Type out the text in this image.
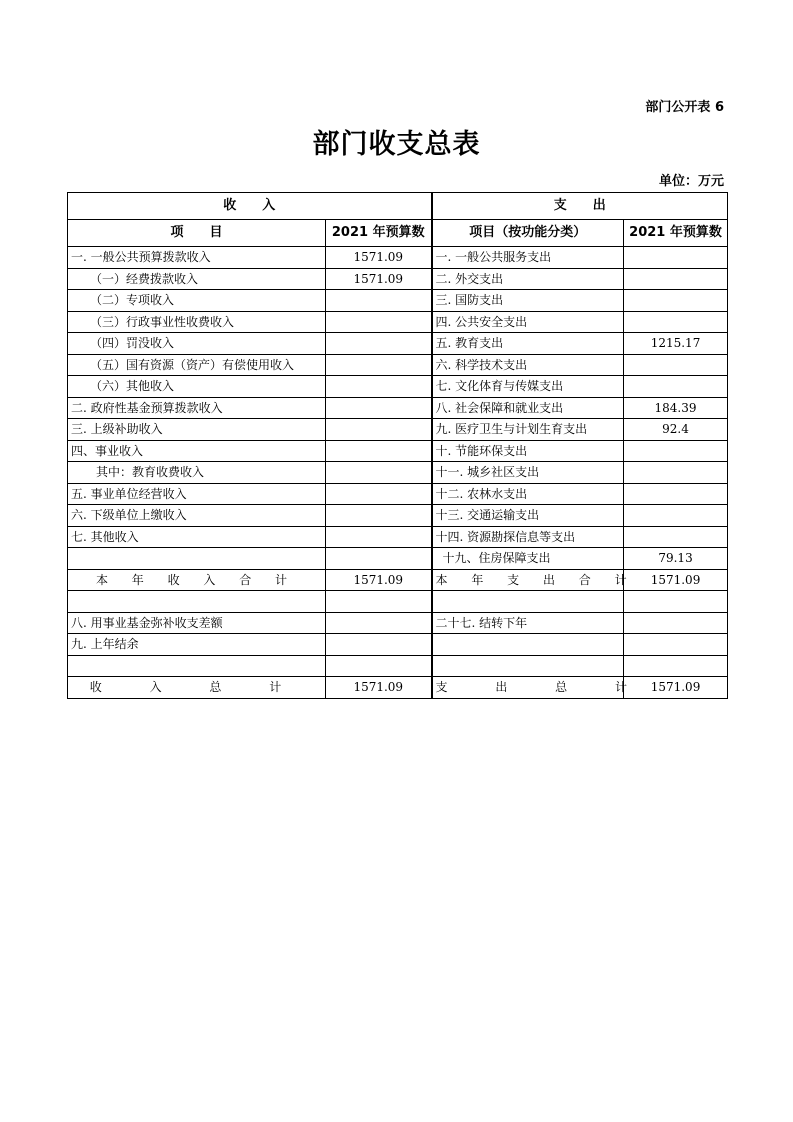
部门公开表 6
部门收支总表
单位：万元
收　　入		支　　出	
项　　目	2021 年预算数	项目（按功能分类）	2021 年预算数
一. 一般公共预算拨款收入	1571.09	一. 一般公共服务支出	
（一）经费拨款收入	1571.09	二. 外交支出	
（二）专项收入		三. 国防支出	
（三）行政事业性收费收入		四. 公共安全支出	
（四）罚没收入		五. 教育支出	1215.17
（五）国有资源（资产）有偿使用收入		六. 科学技术支出	
（六）其他收入		七. 文化体育与传媒支出	
二. 政府性基金预算拨款收入		八. 社会保障和就业支出	184.39
三. 上级补助收入		九. 医疗卫生与计划生育支出	92.4
四、事业收入		十. 节能环保支出	
其中：教育收费收入		十一. 城乡社区支出	
五. 事业单位经营收入		十二. 农林水支出	
六. 下级单位上缴收入		十三. 交通运输支出	
七. 其他收入		十四. 资源勘探信息等支出	
		十九、住房保障支出	79.13
本 年 收 入 合 计	1571.09	本 年 支 出 合 计	1571.09

八. 用事业基金弥补收支差额		二十七. 结转下年	
九. 上年结余			

收 入 总 计	1571.09	支 出 总 计	1571.09
